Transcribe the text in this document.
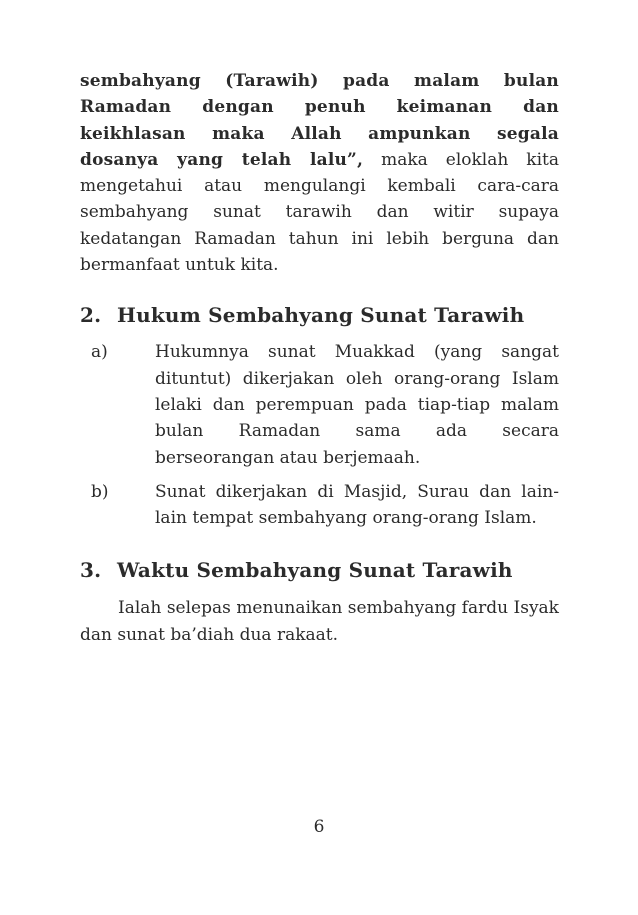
sembahyang (Tarawih) pada malam bulan Ramadan dengan penuh keimanan dan keikhlasan maka Allah ampunkan segala dosanya yang telah lalu”, maka eloklah kita mengetahui atau mengulangi kembali cara-cara sembahyang sunat tarawih dan witir supaya kedatangan Ramadan tahun ini lebih berguna dan bermanfaat untuk kita.

2. Hukum Sembahyang Sunat Tarawih
a)	Hukumnya sunat Muakkad (yang sangat dituntut) dikerjakan oleh orang-orang Islam lelaki dan perempuan pada tiap-tiap malam bulan Ramadan sama ada secara berseorangan atau berjemaah.
b)	Sunat dikerjakan di Masjid, Surau dan lain-lain tempat sembahyang orang-orang Islam.
3. Waktu Sembahyang Sunat Tarawih

Ialah selepas menunaikan sembahyang fardu Isyak dan sunat ba’diah dua rakaat.

6
